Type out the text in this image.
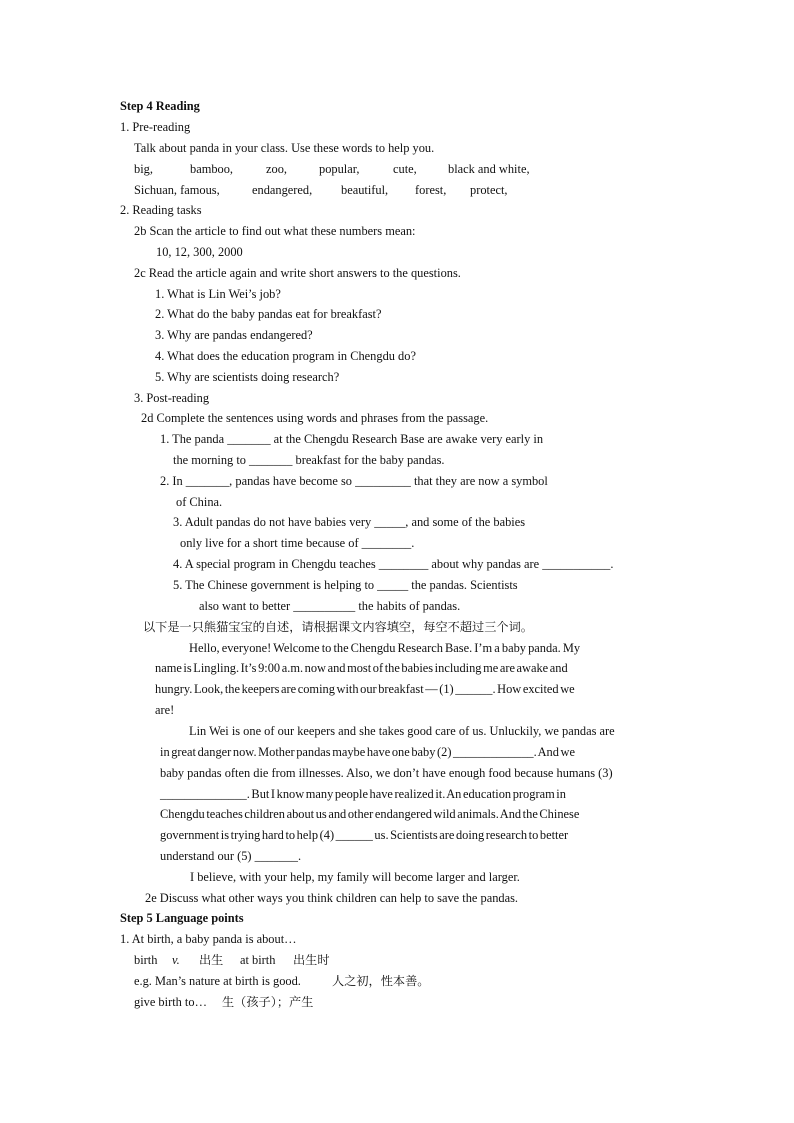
Step 4 Reading
1. Pre-reading
Talk about panda in your class. Use these words to help you.
big,	bamboo,	zoo,	popular,	cute,	black and white,
Sichuan, famous,	endangered, beautiful, forest, protect,
2. Reading tasks
2b Scan the article to find out what these numbers mean:
10, 12, 300, 2000
2c Read the article again and write short answers to the questions.
1. What is Lin Wei’s job?
2. What do the baby pandas eat for breakfast?
3. Why are pandas endangered?
4. What does the education program in Chengdu do?
5. Why are scientists doing research?
3. Post-reading
2d Complete the sentences using words and phrases from the passage.
1. The panda _______ at the Chengdu Research Base are awake very early in
the morning to _______ breakfast for the baby pandas.
2. In _______, pandas have become so _________ that they are now a symbol
of China.
3. Adult pandas do not have babies very _____, and some of the babies
only live for a short time because of ________.
4. A special program in Chengdu teaches ________ about why pandas are ___________.
5. The Chinese government is helping to _____ the pandas. Scientists
also want to better __________ the habits of pandas.
以下是一只熊猫宝宝的自述，请根据课文内容填空，每空不超过三个词。
Hello, everyone! Welcome to the Chengdu Research Base. I’m a baby panda. My
name is Lingling. It’s 9:00 a.m. now and most of the babies including me are awake and
hungry. Look, the keepers are coming with our breakfast — (1) ______. How excited we
are!
Lin Wei is one of our keepers and she takes good care of us. Unluckily, we pandas are
in great danger now. Mother pandas maybe have one baby (2) _____________. And we
baby pandas often die from illnesses. Also, we don’t have enough food because humans (3)
______________. But I know many people have realized it. An education program in
Chengdu teaches children about us and other endangered wild animals. And the Chinese
government is trying hard to help (4) ______ us. Scientists are doing research to better
understand our (5) _______.
I believe, with your help, my family will become larger and larger.
2e Discuss what other ways you think children can help to save the pandas.
Step 5 Language points
1. At birth, a baby panda is about…
birth v. 出生 at birth 出生时
e.g. Man’s nature at birth is good.	人之初，性本善。
give birth to… 生（孩子）；产生
